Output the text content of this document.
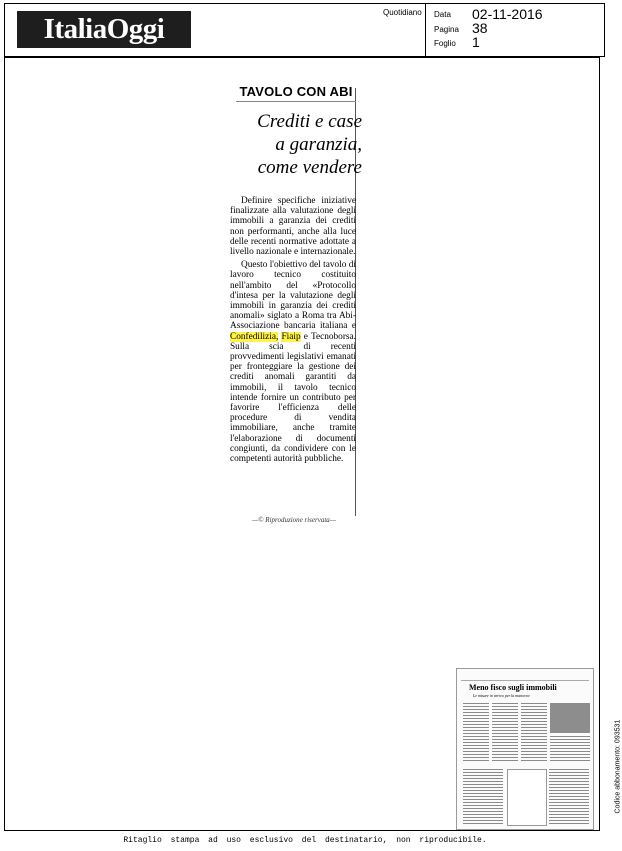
ItaliaOggi
Quotidiano Data 02-11-2016
Pagina 38
Foglio 1
TAVOLO CON ABI
Crediti e case
a garanzia,
come vendere

Definire specifiche iniziative finalizzate alla valutazione degli immobili a garanzia dei crediti non performanti, anche alla luce delle recenti normative adottate a livello nazionale e internazionale.

Questo l'obiettivo del tavolo di lavoro tecnico costituito nell'ambito del «Protocollo d'intesa per la valutazione degli immobili in garanzia dei crediti anomali» siglato a Roma tra Abi-Associazione bancaria italiana e Confedilizia, Fiaip e Tecnoborsa. Sulla scia di recenti provvedimenti legislativi emanati per fronteggiare la gestione dei crediti anomali garantiti da immobili, il tavolo tecnico intende fornire un contributo per favorire l'efficienza delle procedure di vendita immobiliare, anche tramite l'elaborazione di documenti congiunti, da condividere con le competenti autorità pubbliche.

—© Riproduzione riservata—
Meno fisco sugli immobili
Le misure in arrivo per la manovra
Codice abbonamento: 093531
Ritaglio stampa ad uso esclusivo del destinatario, non riproducibile.
